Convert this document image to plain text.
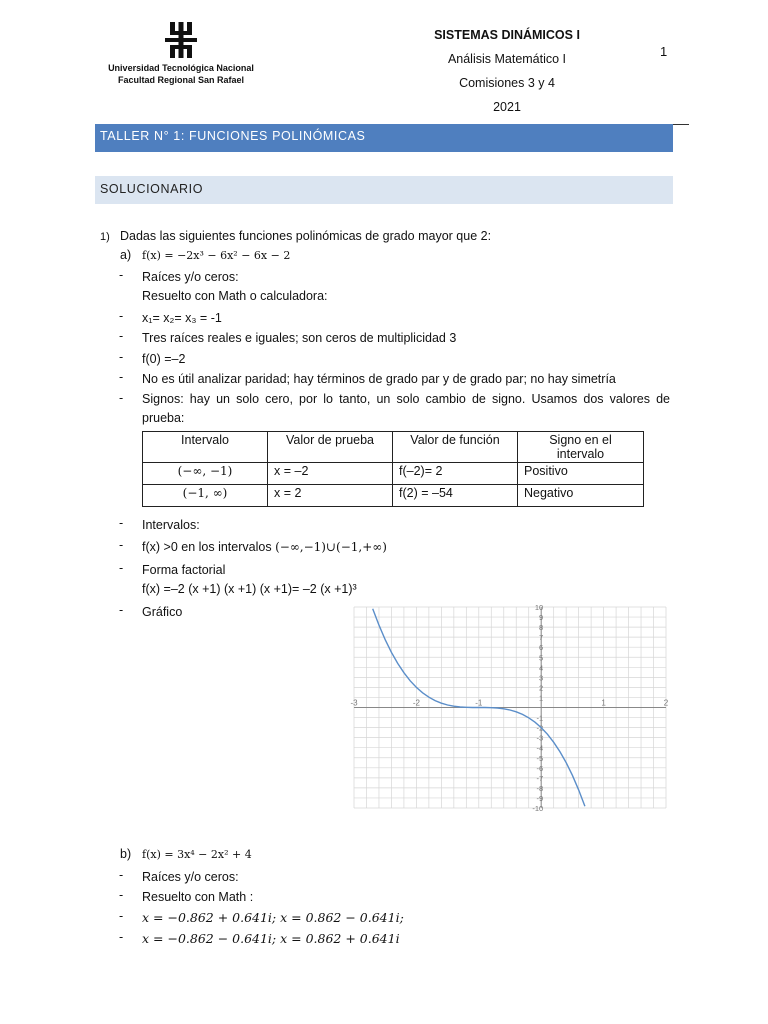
Universidad Tecnológica Nacional
Facultad Regional San Rafael
SISTEMAS DINÁMICOS I
Análisis Matemático I
Comisiones 3 y 4
2021
1
TALLER N° 1: FUNCIONES POLINÓMICAS
SOLUCIONARIO
1) Dadas las siguientes funciones polinómicas de grado mayor que 2:
a) f(x) = −2x³ − 6x² − 6x − 2
- Raíces y/o ceros:
Resuelto con Math o calculadora:
- x₁= x₂= x₃ = -1
- Tres raíces reales e iguales; son ceros de multiplicidad 3
- f(0) =–2
- No es útil analizar paridad; hay términos de grado par y de grado par; no hay simetría
- Signos: hay un solo cero, por lo tanto, un solo cambio de signo. Usamos dos valores de prueba:
Intervalo	Valor de prueba	Valor de función	Signo en el intervalo
(−∞, −1)	x = –2	f(–2)= 2	Positivo
(−1, ∞)	x = 2	f(2) = –54	Negativo
- Intervalos:
- f(x) >0 en los intervalos (−∞,−1)∪(−1,+∞)
- Forma factorial
f(x) =–2 (x +1) (x +1) (x +1)= –2 (x +1)³
- Gráfico
-3	-2	-1	1	2
10
9
8
7
6
5
4
3
2
1
-1
-2
-3
-4
-5
-6
-7
-8
-9
-10
b) f(x) = 3x⁴ − 2x² + 4
- Raíces y/o ceros:
- Resuelto con Math :
- x = −0.862 + 0.641i; x = 0.862 − 0.641i;
- x = −0.862 − 0.641i; x = 0.862 + 0.641i
